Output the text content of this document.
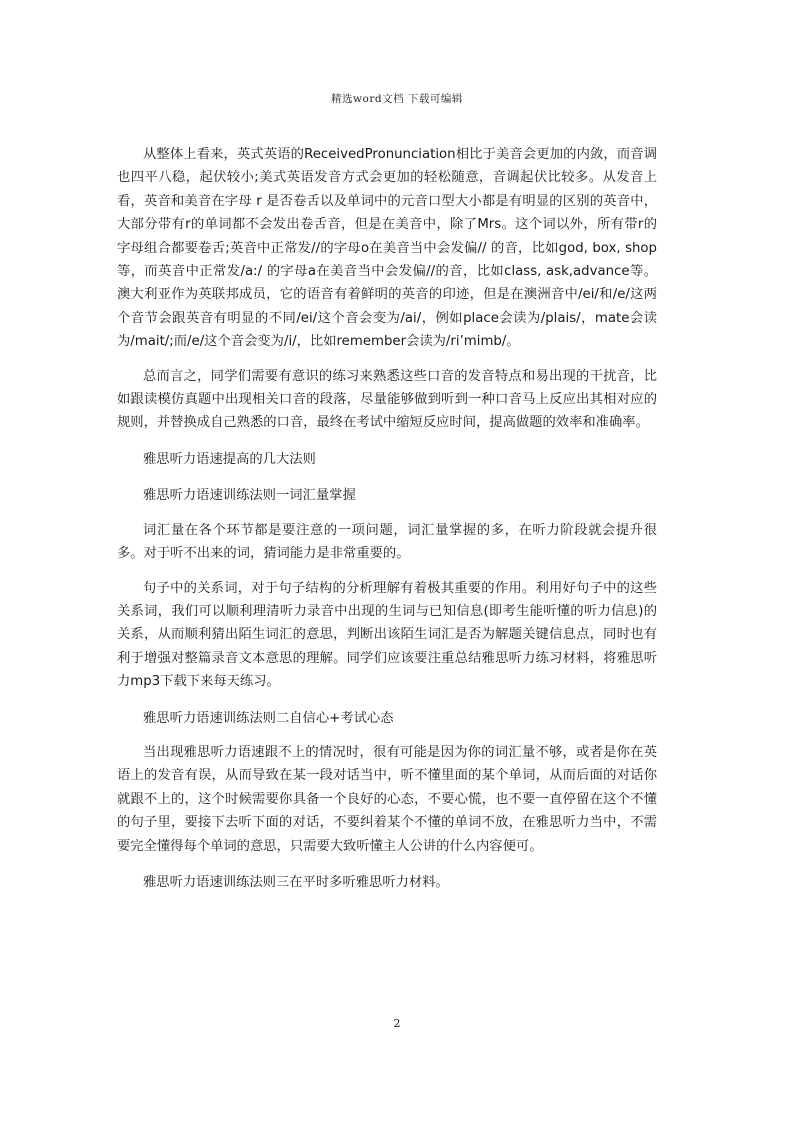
精选word文档 下载可编辑

从整体上看来，英式英语的ReceivedPronunciation相比于美音会更加的内敛，而音调也四平八稳，起伏较小;美式英语发音方式会更加的轻松随意，音调起伏比较多。从发音上看，英音和美音在字母 r 是否卷舌以及单词中的元音口型大小都是有明显的区别的英音中，大部分带有r的单词都不会发出卷舌音，但是在美音中，除了Mrs。这个词以外，所有带r的字母组合都要卷舌;英音中正常发//的字母o在美音当中会发偏// 的音，比如god, box, shop等，而英音中正常发/a:/ 的字母a在美音当中会发偏//的音，比如class, ask,advance等。澳大利亚作为英联邦成员，它的语音有着鲜明的英音的印迹，但是在澳洲音中/ei/和/e/这两个音节会跟英音有明显的不同/ei/这个音会变为/ai/，例如place会读为/plais/，mate会读为/mait/;而/e/这个音会变为/i/，比如remember会读为/ri’mimb/。

总而言之，同学们需要有意识的练习来熟悉这些口音的发音特点和易出现的干扰音，比如跟读模仿真题中出现相关口音的段落，尽量能够做到听到一种口音马上反应出其相对应的规则，并替换成自己熟悉的口音，最终在考试中缩短反应时间，提高做题的效率和准确率。

雅思听力语速提高的几大法则

雅思听力语速训练法则一词汇量掌握

词汇量在各个环节都是要注意的一项问题，词汇量掌握的多，在听力阶段就会提升很多。对于听不出来的词，猜词能力是非常重要的。

句子中的关系词，对于句子结构的分析理解有着极其重要的作用。利用好句子中的这些关系词，我们可以顺利理清听力录音中出现的生词与已知信息(即考生能听懂的听力信息)的关系，从而顺利猜出陌生词汇的意思，判断出该陌生词汇是否为解题关键信息点，同时也有利于增强对整篇录音文本意思的理解。同学们应该要注重总结雅思听力练习材料，将雅思听力mp3下载下来每天练习。

雅思听力语速训练法则二自信心+考试心态

当出现雅思听力语速跟不上的情况时，很有可能是因为你的词汇量不够，或者是你在英语上的发音有误，从而导致在某一段对话当中，听不懂里面的某个单词，从而后面的对话你就跟不上的，这个时候需要你具备一个良好的心态，不要心慌，也不要一直停留在这个不懂的句子里，要接下去听下面的对话，不要纠着某个不懂的单词不放，在雅思听力当中，不需要完全懂得每个单词的意思，只需要大致听懂主人公讲的什么内容便可。

雅思听力语速训练法则三在平时多听雅思听力材料。

2
